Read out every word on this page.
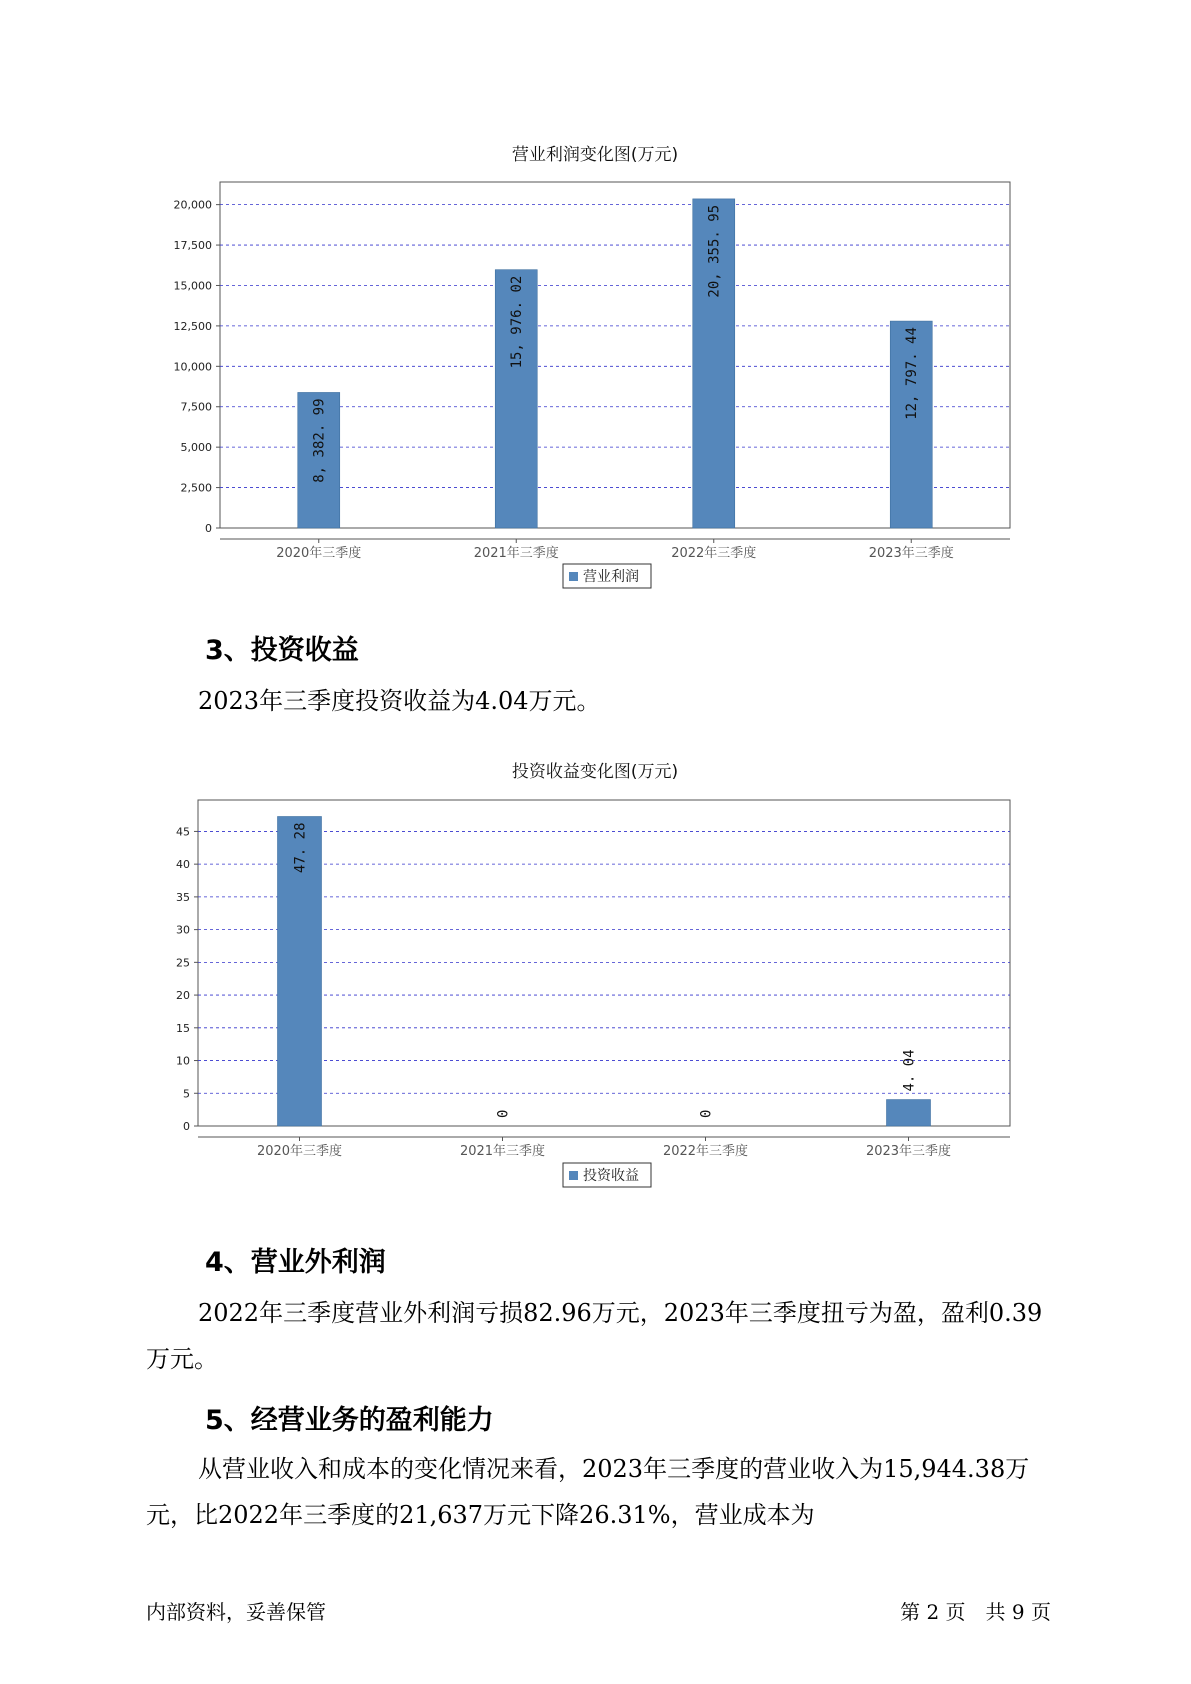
营业利润变化图(万元)
0
2,500
5,000
7,500
10,000
12,500
15,000
17,500
20,000
2020年三季度
8, 382. 99
2021年三季度
15, 976. 02
2022年三季度
20, 355. 95
2023年三季度
12, 797. 44
营业利润
3、投资收益

2023年三季度投资收益为4.04万元。

投资收益变化图(万元)
0
5
10
15
20
25
30
35
40
45
2020年三季度
47. 28
2021年三季度
0
2022年三季度
0
2023年三季度
4. 04
投资收益
4、营业外利润

2022年三季度营业外利润亏损82.96万元，2023年三季度扭亏为盈，盈利0.39万元。

5、经营业务的盈利能力

从营业收入和成本的变化情况来看，2023年三季度的营业收入为15,944.38万元，比2022年三季度的21,637万元下降26.31%，营业成本为

内部资料，妥善保管	第 2 页　共 9 页
